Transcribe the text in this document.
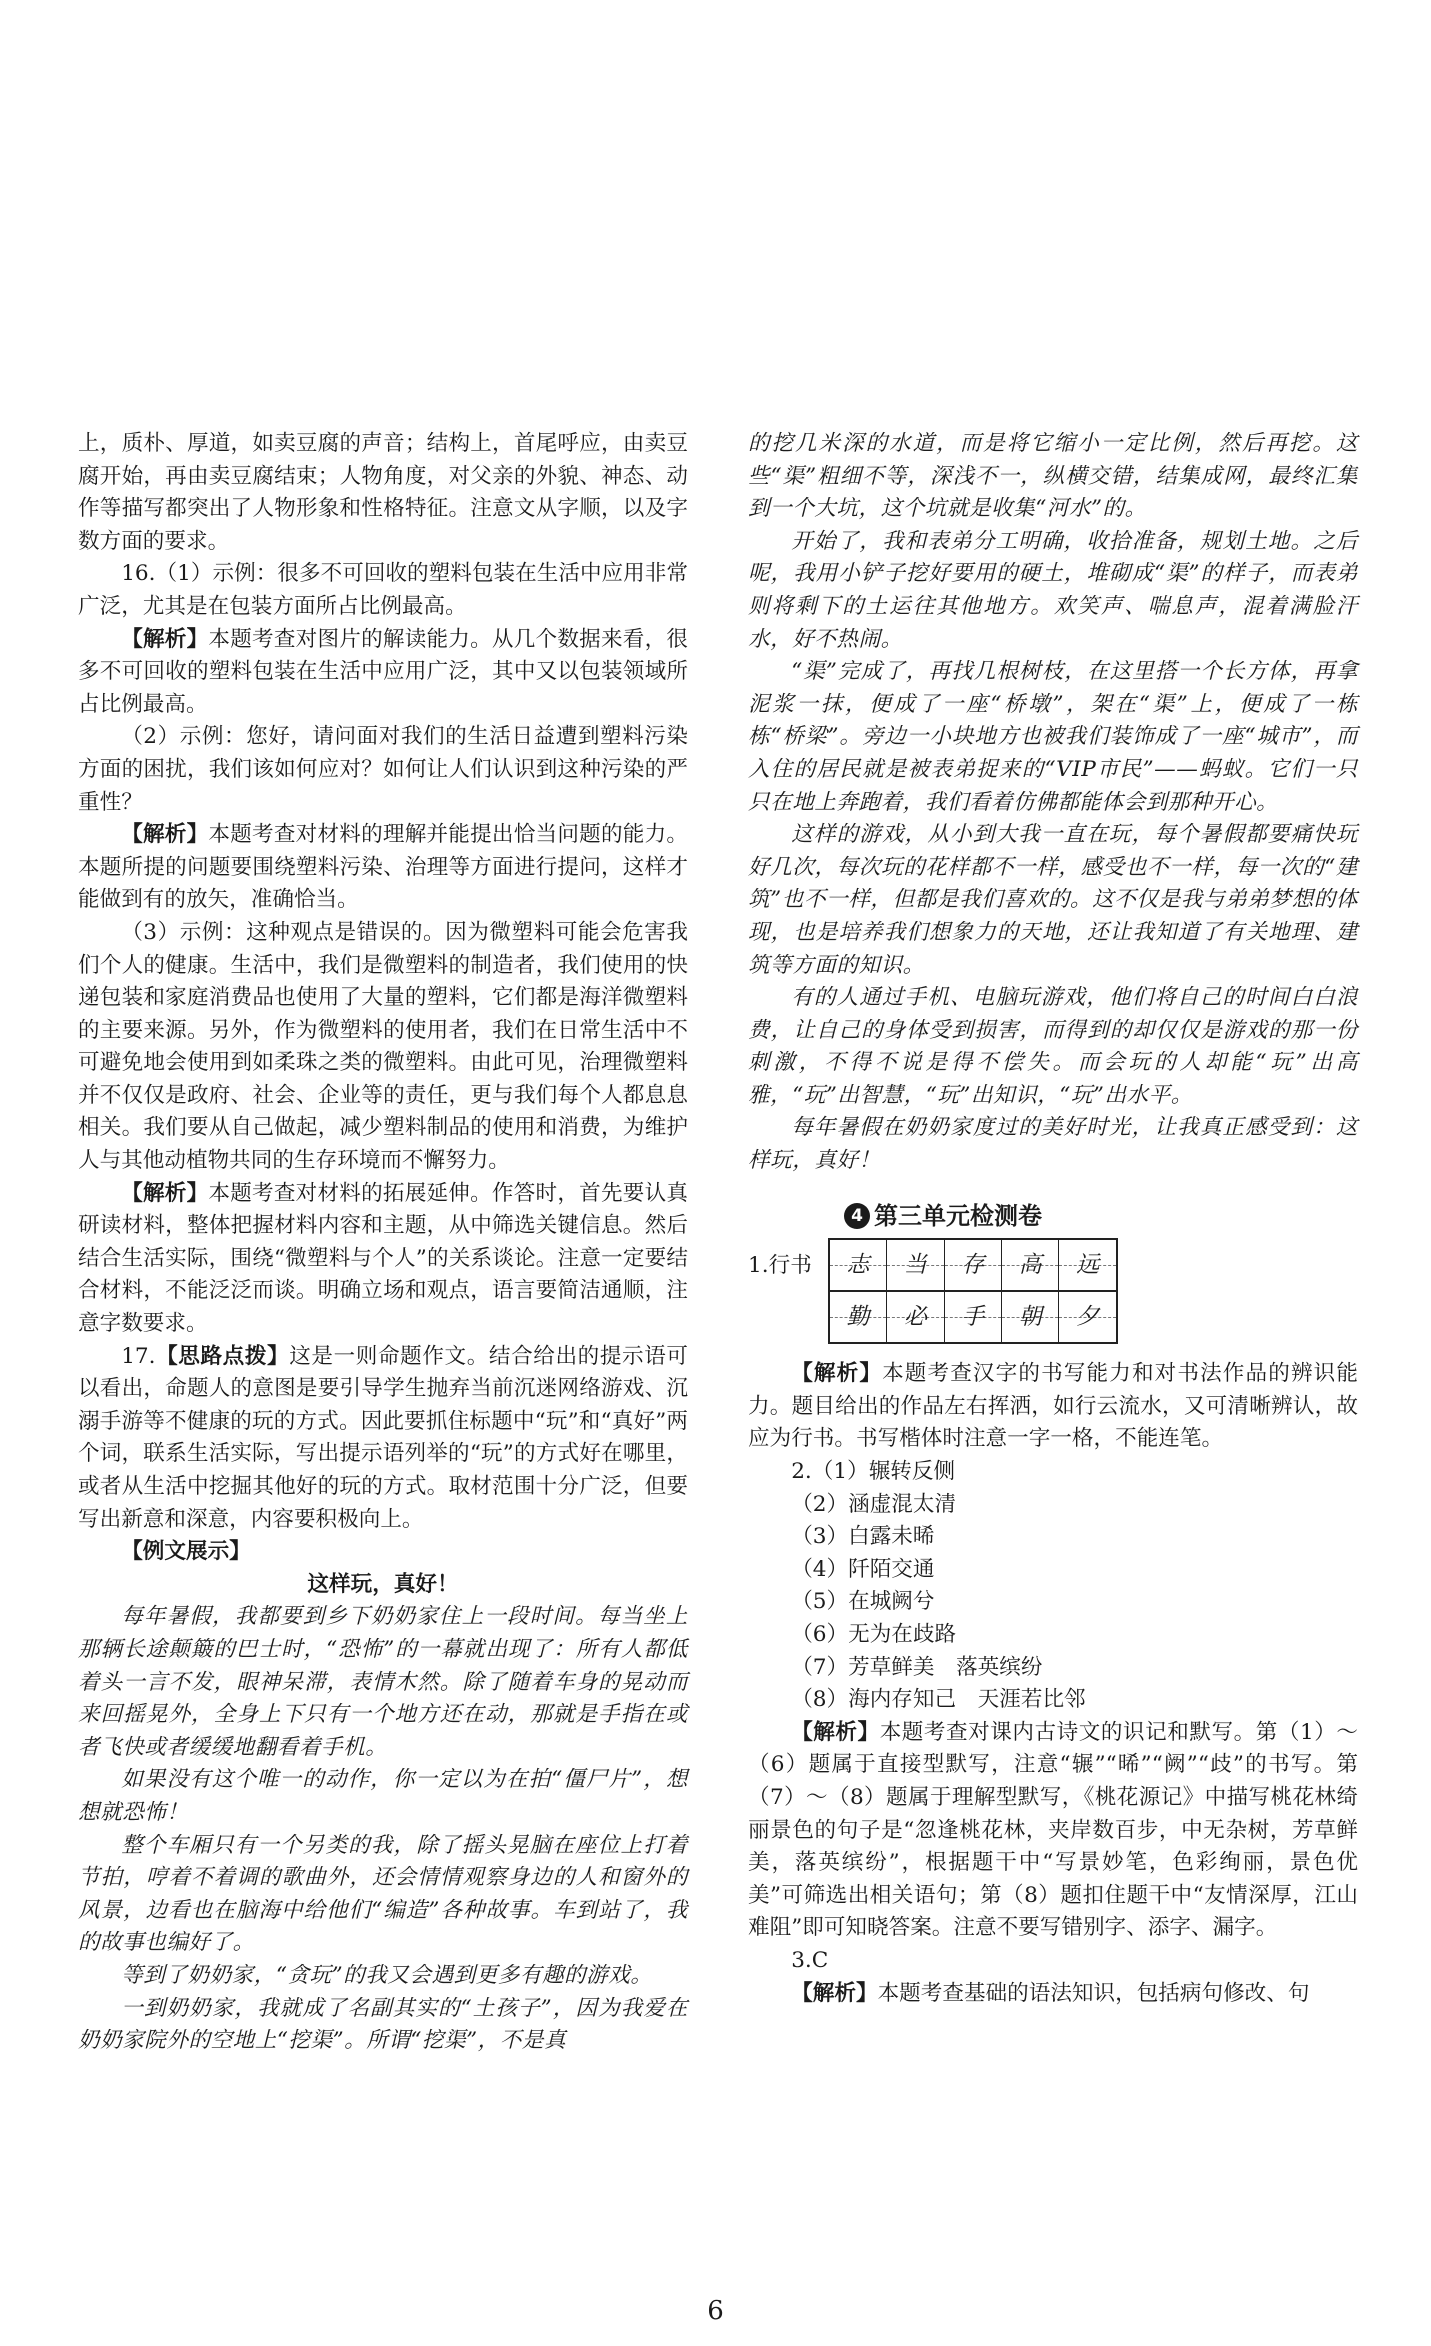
上，质朴、厚道，如卖豆腐的声音；结构上，首尾呼应，由卖豆腐开始，再由卖豆腐结束；人物角度，对父亲的外貌、神态、动作等描写都突出了人物形象和性格特征。注意文从字顺，以及字数方面的要求。

16.（1）示例：很多不可回收的塑料包装在生活中应用非常广泛，尤其是在包装方面所占比例最高。

【解析】本题考查对图片的解读能力。从几个数据来看，很多不可回收的塑料包装在生活中应用广泛，其中又以包装领域所占比例最高。

（2）示例：您好，请问面对我们的生活日益遭到塑料污染方面的困扰，我们该如何应对？如何让人们认识到这种污染的严重性？

【解析】本题考查对材料的理解并能提出恰当问题的能力。本题所提的问题要围绕塑料污染、治理等方面进行提问，这样才能做到有的放矢，准确恰当。

（3）示例：这种观点是错误的。因为微塑料可能会危害我们个人的健康。生活中，我们是微塑料的制造者，我们使用的快递包装和家庭消费品也使用了大量的塑料，它们都是海洋微塑料的主要来源。另外，作为微塑料的使用者，我们在日常生活中不可避免地会使用到如柔珠之类的微塑料。由此可见，治理微塑料并不仅仅是政府、社会、企业等的责任，更与我们每个人都息息相关。我们要从自己做起，减少塑料制品的使用和消费，为维护人与其他动植物共同的生存环境而不懈努力。

【解析】本题考查对材料的拓展延伸。作答时，首先要认真研读材料，整体把握材料内容和主题，从中筛选关键信息。然后结合生活实际，围绕“微塑料与个人”的关系谈论。注意一定要结合材料，不能泛泛而谈。明确立场和观点，语言要简洁通顺，注意字数要求。

17.【思路点拨】这是一则命题作文。结合给出的提示语可以看出，命题人的意图是要引导学生抛弃当前沉迷网络游戏、沉溺手游等不健康的玩的方式。因此要抓住标题中“玩”和“真好”两个词，联系生活实际，写出提示语列举的“玩”的方式好在哪里，或者从生活中挖掘其他好的玩的方式。取材范围十分广泛，但要写出新意和深意，内容要积极向上。

【例文展示】

这样玩，真好！

每年暑假，我都要到乡下奶奶家住上一段时间。每当坐上那辆长途颠簸的巴士时，“恐怖”的一幕就出现了：所有人都低着头一言不发，眼神呆滞，表情木然。除了随着车身的晃动而来回摇晃外，全身上下只有一个地方还在动，那就是手指在或者飞快或者缓缓地翻看着手机。

如果没有这个唯一的动作，你一定以为在拍“僵尸片”，想想就恐怖！

整个车厢只有一个另类的我，除了摇头晃脑在座位上打着节拍，哼着不着调的歌曲外，还会情情观察身边的人和窗外的风景，边看也在脑海中给他们“编造”各种故事。车到站了，我的故事也编好了。

等到了奶奶家，“贪玩”的我又会遇到更多有趣的游戏。

一到奶奶家，我就成了名副其实的“土孩子”，因为我爱在奶奶家院外的空地上“挖渠”。所谓“挖渠”，不是真

的挖几米深的水道，而是将它缩小一定比例，然后再挖。这些“渠”粗细不等，深浅不一，纵横交错，结集成网，最终汇集到一个大坑，这个坑就是收集“河水”的。

开始了，我和表弟分工明确，收拾准备，规划土地。之后呢，我用小铲子挖好要用的硬土，堆砌成“渠”的样子，而表弟则将剩下的土运往其他地方。欢笑声、喘息声，混着满脸汗水，好不热闹。

“渠”完成了，再找几根树枝，在这里搭一个长方体，再拿泥浆一抹，便成了一座“桥墩”，架在“渠”上，便成了一栋栋“桥梁”。旁边一小块地方也被我们装饰成了一座“城市”，而入住的居民就是被表弟捉来的“VIP市民”——蚂蚁。它们一只只在地上奔跑着，我们看着仿佛都能体会到那种开心。

这样的游戏，从小到大我一直在玩，每个暑假都要痛快玩好几次，每次玩的花样都不一样，感受也不一样，每一次的“建筑”也不一样，但都是我们喜欢的。这不仅是我与弟弟梦想的体现，也是培养我们想象力的天地，还让我知道了有关地理、建筑等方面的知识。

有的人通过手机、电脑玩游戏，他们将自己的时间白白浪费，让自己的身体受到损害，而得到的却仅仅是游戏的那一份刺激，不得不说是得不偿失。而会玩的人却能“玩”出高雅，“玩”出智慧，“玩”出知识，“玩”出水平。

每年暑假在奶奶家度过的美好时光，让我真正感受到：这样玩，真好！

4 第三单元检测卷
1.行书 志 当 存 高 远
勤 必 手 朝 夕

【解析】本题考查汉字的书写能力和对书法作品的辨识能力。题目给出的作品左右挥洒，如行云流水，又可清晰辨认，故应为行书。书写楷体时注意一字一格，不能连笔。

2.（1）辗转反侧

（2）涵虚混太清

（3）白露未晞

（4）阡陌交通

（5）在城阙兮

（6）无为在歧路

（7）芳草鲜美　落英缤纷

（8）海内存知己　天涯若比邻

【解析】本题考查对课内古诗文的识记和默写。第（1）～（6）题属于直接型默写，注意“辗”“晞”“阙”“歧”的书写。第（7）～（8）题属于理解型默写，《桃花源记》中描写桃花林绮丽景色的句子是“忽逢桃花林，夹岸数百步，中无杂树，芳草鲜美，落英缤纷”，根据题干中“写景妙笔，色彩绚丽，景色优美”可筛选出相关语句；第（8）题扣住题干中“友情深厚，江山难阻”即可知晓答案。注意不要写错别字、添字、漏字。

3.C

【解析】本题考查基础的语法知识，包括病句修改、句

6
